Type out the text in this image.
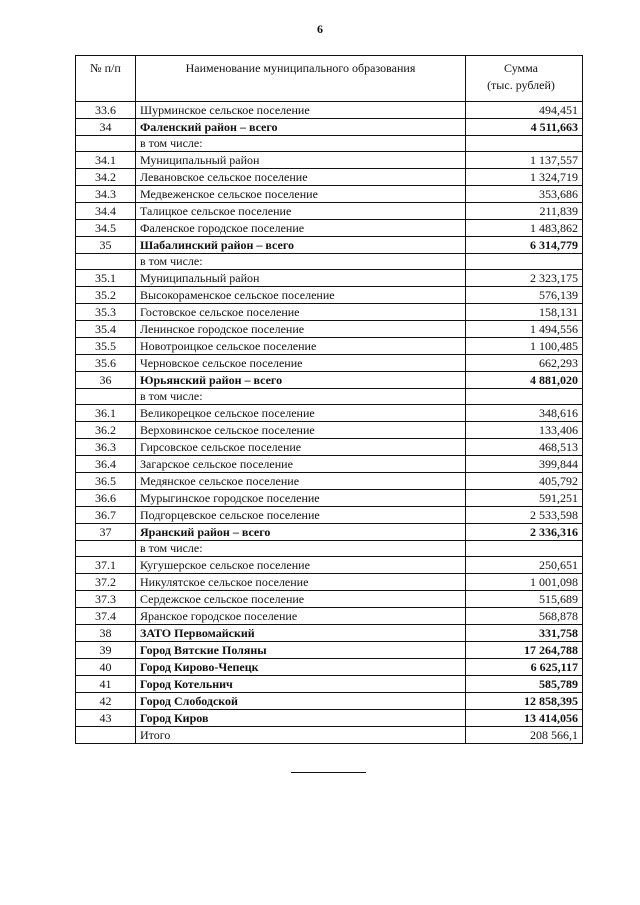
6
№ п/п	Наименование муниципального образования	Сумма
(тыс. рублей)

33.6	Шурминское сельское поселение	494,451
34	Фаленский район – всего	4 511,663
	в том числе:	
34.1	Муниципальный район	1 137,557
34.2	Левановское сельское поселение	1 324,719
34.3	Медвеженское сельское поселение	353,686
34.4	Талицкое сельское поселение	211,839
34.5	Фаленское городское поселение	1 483,862
35	Шабалинский район – всего	6 314,779
	в том числе:	
35.1	Муниципальный район	2 323,175
35.2	Высокораменское сельское поселение	576,139
35.3	Гостовское сельское поселение	158,131
35.4	Ленинское городское поселение	1 494,556
35.5	Новотроицкое сельское поселение	1 100,485
35.6	Черновское сельское поселение	662,293
36	Юрьянский район – всего	4 881,020
	в том числе:	
36.1	Великорецкое сельское поселение	348,616
36.2	Верховинское сельское поселение	133,406
36.3	Гирсовское сельское поселение	468,513
36.4	Загарское сельское поселение	399,844
36.5	Медянское сельское поселение	405,792
36.6	Мурыгинское городское поселение	591,251
36.7	Подгорцевское сельское поселение	2 533,598
37	Яранский район – всего	2 336,316
	в том числе:	
37.1	Кугушерское сельское поселение	250,651
37.2	Никулятское сельское поселение	1 001,098
37.3	Сердежское сельское поселение	515,689
37.4	Яранское городское поселение	568,878
38	ЗАТО Первомайский	331,758
39	Город Вятские Поляны	17 264,788
40	Город Кирово-Чепецк	6 625,117
41	Город Котельнич	585,789
42	Город Слободской	12 858,395
43	Город Киров	13 414,056
	Итого	208 566,1
